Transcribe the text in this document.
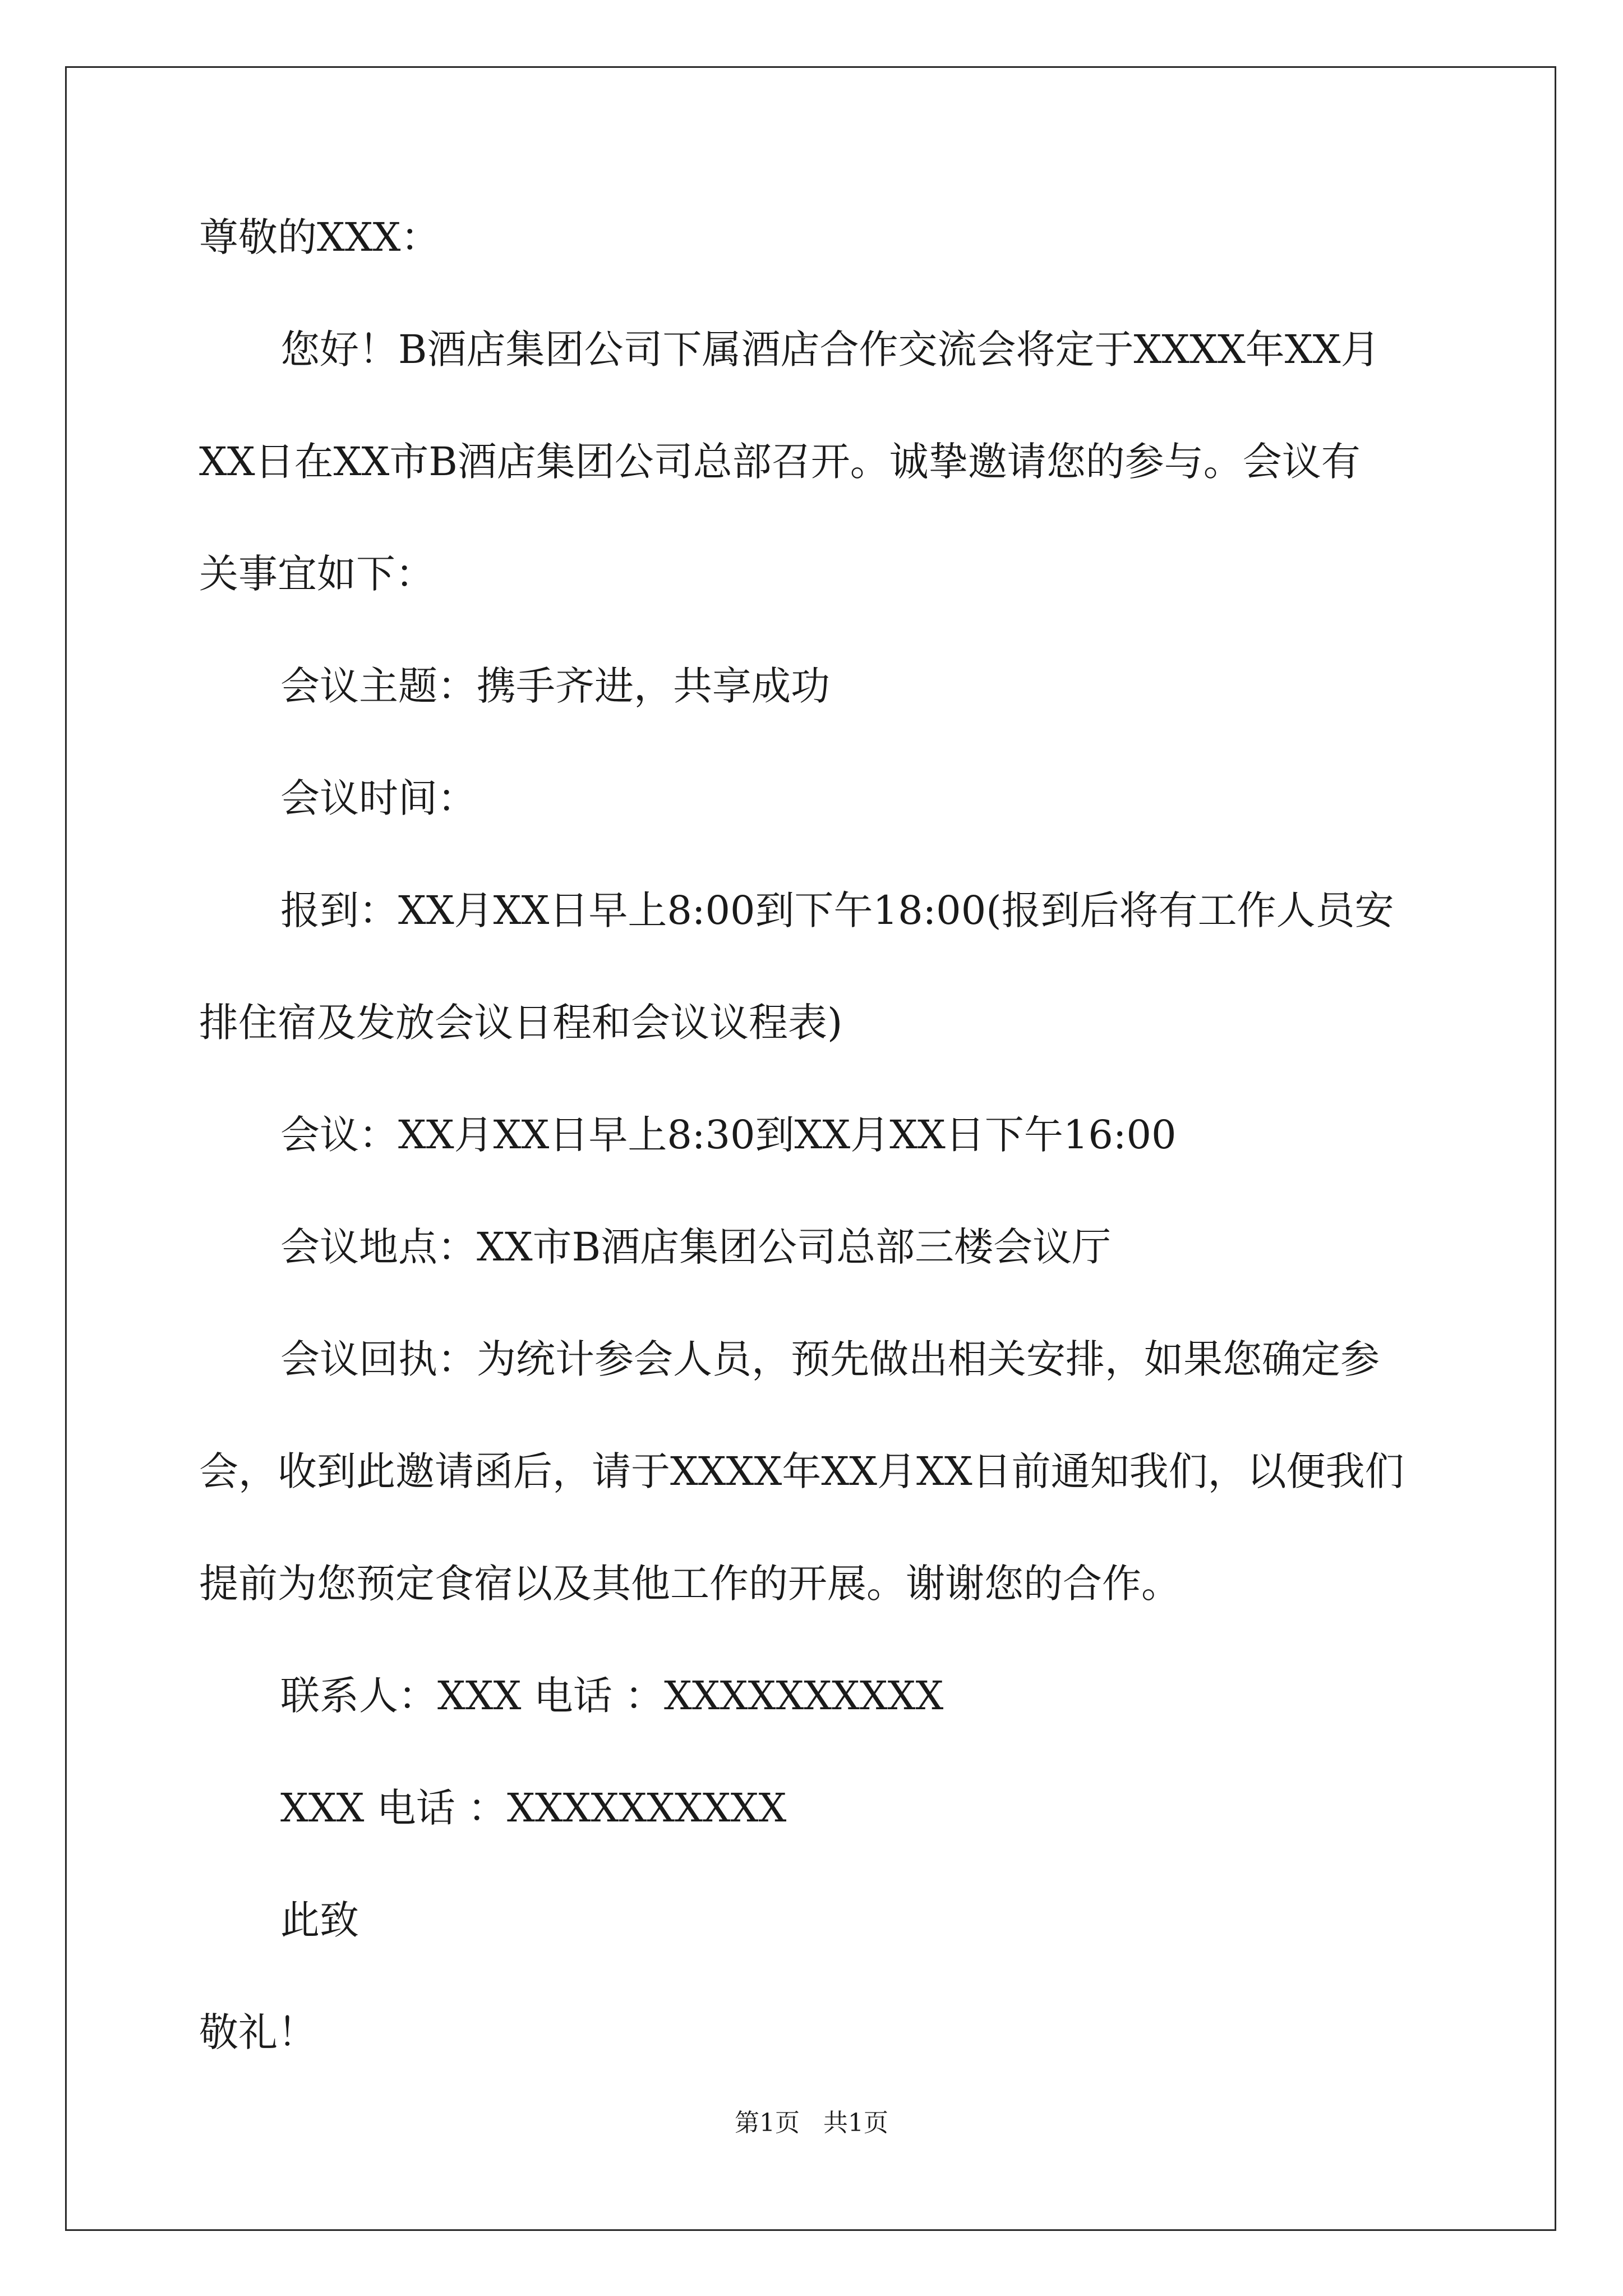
尊敬的XXX：
您好！B酒店集团公司下属酒店合作交流会将定于XXXX年XX月
XX日在XX市B酒店集团公司总部召开。诚挚邀请您的参与。会议有
关事宜如下：
会议主题：携手齐进，共享成功
会议时间：
报到：XX月XX日早上8:00到下午18:00(报到后将有工作人员安
排住宿及发放会议日程和会议议程表)
会议：XX月XX日早上8:30到XX月XX日下午16:00
会议地点：XX市B酒店集团公司总部三楼会议厅
会议回执：为统计参会人员，预先做出相关安排，如果您确定参
会，收到此邀请函后，请于XXXX年XX月XX日前通知我们，以便我们
提前为您预定食宿以及其他工作的开展。谢谢您的合作。
联系人：XXX 电话 ：XXXXXXXXXX
XXX 电话 ：XXXXXXXXXX
此致
敬礼！
第1页   共1页
